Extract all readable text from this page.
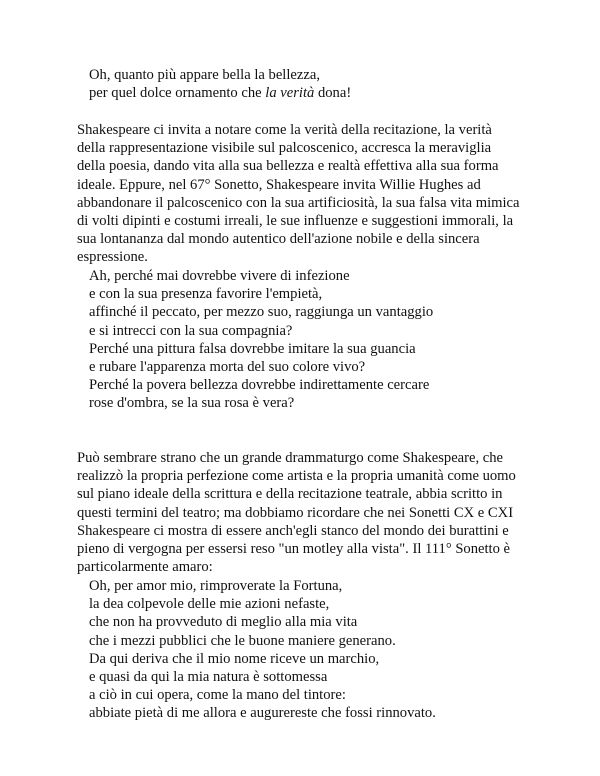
Oh, quanto più appare bella la bellezza,
per quel dolce ornamento che la verità dona!
Shakespeare ci invita a notare come la verità della recitazione, la verità
della rappresentazione visibile sul palcoscenico, accresca la meraviglia
della poesia, dando vita alla sua bellezza e realtà effettiva alla sua forma
ideale. Eppure, nel 67° Sonetto, Shakespeare invita Willie Hughes ad
abbandonare il palcoscenico con la sua artificiosità, la sua falsa vita mimica
di volti dipinti e costumi irreali, le sue influenze e suggestioni immorali, la
sua lontananza dal mondo autentico dell'azione nobile e della sincera
espressione.
Ah, perché mai dovrebbe vivere di infezione
e con la sua presenza favorire l'empietà,
affinché il peccato, per mezzo suo, raggiunga un vantaggio
e si intrecci con la sua compagnia?
Perché una pittura falsa dovrebbe imitare la sua guancia
e rubare l'apparenza morta del suo colore vivo?
Perché la povera bellezza dovrebbe indirettamente cercare
rose d'ombra, se la sua rosa è vera?
Può sembrare strano che un grande drammaturgo come Shakespeare, che
realizzò la propria perfezione come artista e la propria umanità come uomo
sul piano ideale della scrittura e della recitazione teatrale, abbia scritto in
questi termini del teatro; ma dobbiamo ricordare che nei Sonetti CX e CXI
Shakespeare ci mostra di essere anch'egli stanco del mondo dei burattini e
pieno di vergogna per essersi reso "un motley alla vista". Il 111° Sonetto è
particolarmente amaro:
Oh, per amor mio, rimproverate la Fortuna,
la dea colpevole delle mie azioni nefaste,
che non ha provveduto di meglio alla mia vita
che i mezzi pubblici che le buone maniere generano.
Da qui deriva che il mio nome riceve un marchio,
e quasi da qui la mia natura è sottomessa
a ciò in cui opera, come la mano del tintore:
abbiate pietà di me allora e augurereste che fossi rinnovato.
